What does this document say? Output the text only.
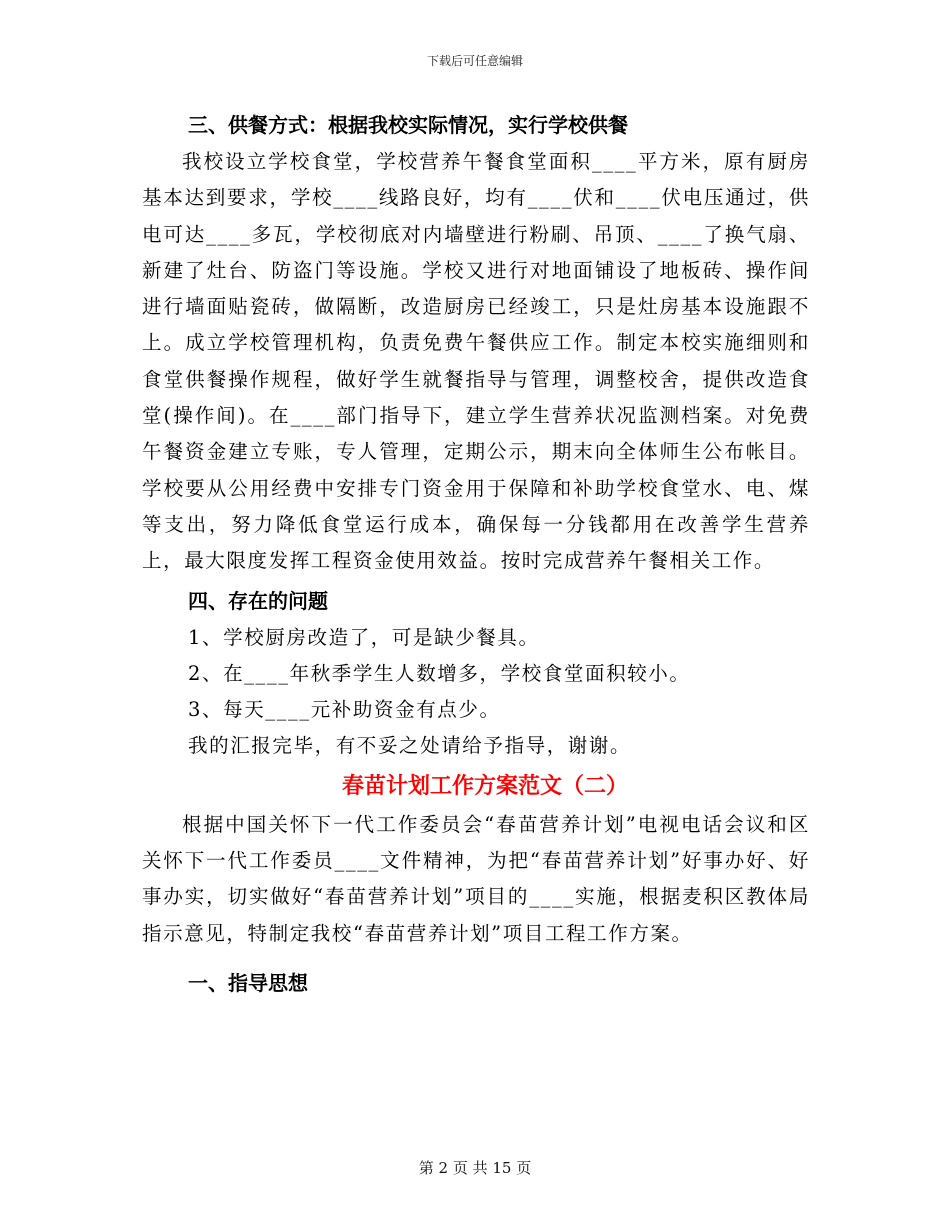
下载后可任意编辑
三、供餐方式：根据我校实际情况，实行学校供餐

我校设立学校食堂，学校营养午餐食堂面积____平方米，原有厨房基本达到要求，学校____线路良好，均有____伏和____伏电压通过，供电可达____多瓦，学校彻底对内墙壁进行粉刷、吊顶、____了换气扇、新建了灶台、防盗门等设施。学校又进行对地面铺设了地板砖、操作间进行墙面贴瓷砖，做隔断，改造厨房已经竣工，只是灶房基本设施跟不上。成立学校管理机构，负责免费午餐供应工作。制定本校实施细则和食堂供餐操作规程，做好学生就餐指导与管理，调整校舍，提供改造食堂(操作间)。在____部门指导下，建立学生营养状况监测档案。对免费午餐资金建立专账，专人管理，定期公示，期末向全体师生公布帐目。学校要从公用经费中安排专门资金用于保障和补助学校食堂水、电、煤等支出，努力降低食堂运行成本，确保每一分钱都用在改善学生营养上，最大限度发挥工程资金使用效益。按时完成营养午餐相关工作。

四、存在的问题

1、学校厨房改造了，可是缺少餐具。

2、在____年秋季学生人数增多，学校食堂面积较小。

3、每天____元补助资金有点少。

我的汇报完毕，有不妥之处请给予指导，谢谢。

春苗计划工作方案范文（二）

根据中国关怀下一代工作委员会“春苗营养计划”电视电话会议和区关怀下一代工作委员____文件精神，为把“春苗营养计划”好事办好、好事办实，切实做好“春苗营养计划”项目的____实施，根据麦积区教体局指示意见，特制定我校“春苗营养计划”项目工程工作方案。

一、指导思想
第 2 页 共 15 页
